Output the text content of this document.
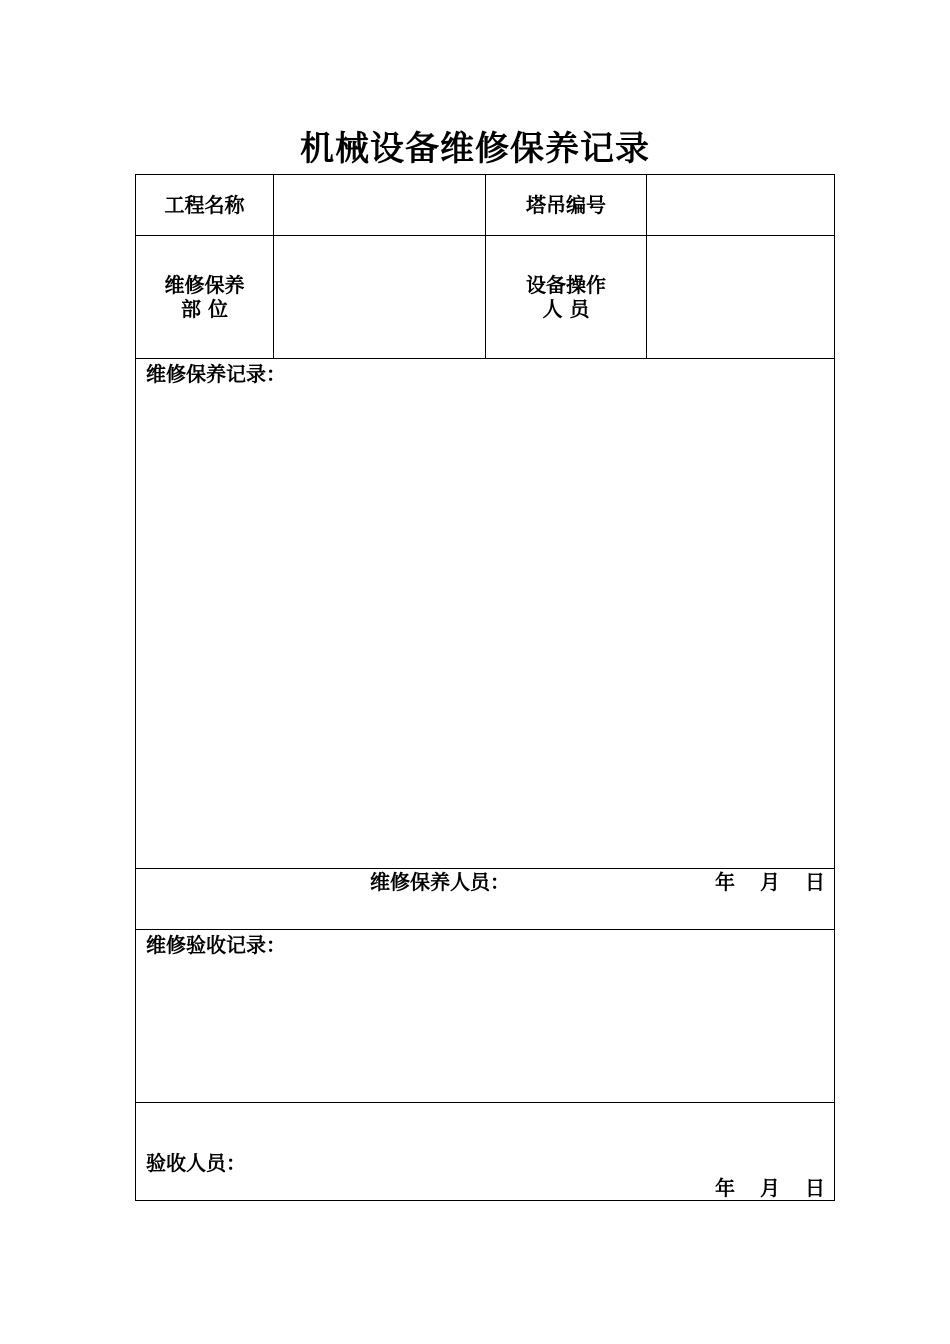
机械设备维修保养记录
工程名称	塔吊编号
维修保养
部 位
设备操作
人 员
维修保养记录：
维修保养人员：	年 月 日
维修验收记录：
验收人员：
年 月 日
